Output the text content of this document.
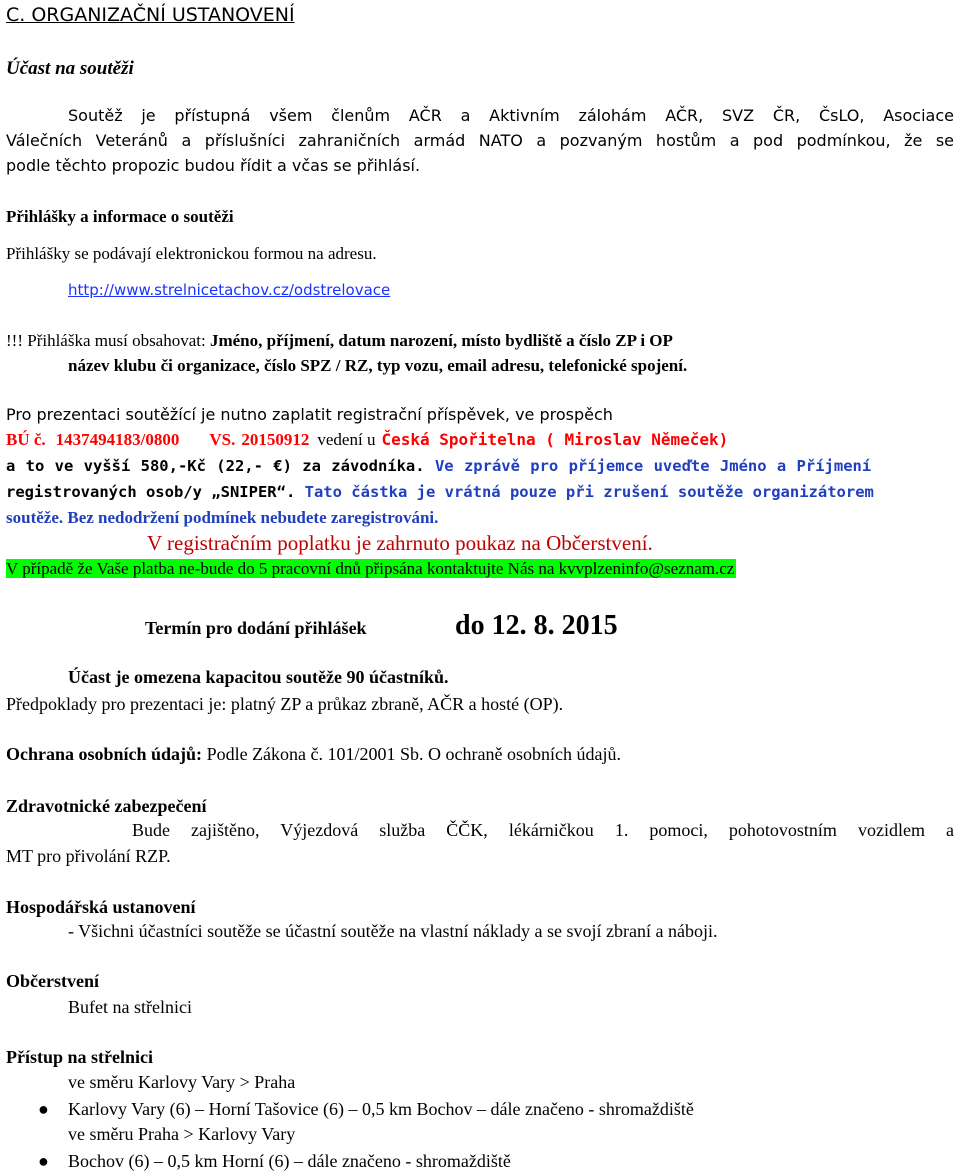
C. ORGANIZAČNÍ USTANOVENÍ
Účast na soutěži
Soutěž je přístupná všem členům AČR a Aktivním zálohám AČR, SVZ ČR, ČsLO, Asociace
Válečních Veteránů a příslušníci zahraničních armád NATO a pozvaným hostům a pod podmínkou, že se
podle těchto propozic budou řídit a včas se přihlásí.
Přihlášky a informace o soutěži
Přihlášky se podávají elektronickou formou na adresu.
http://www.strelnicetachov.cz/odstrelovace
!!! Přihláška musí obsahovat: Jméno, příjmení, datum narození, místo bydliště a číslo ZP i OP
název klubu či organizace, číslo SPZ / RZ, typ vozu, email adresu, telefonické spojení.
Pro prezentaci soutěžící je nutno zaplatit registrační příspěvek, ve prospěch
BÚ č. 1437494183/0800 VS. 20150912 vedení u Česká Spořitelna ( Miroslav Němeček)
a to ve vyšší 580,-Kč (22,- €) za závodníka. Ve zprávě pro příjemce uveďte Jméno a Příjmení
registrovaných osob/y „SNIPER“. Tato částka je vrátná pouze při zrušení soutěže organizátorem
soutěže. Bez nedodržení podmínek nebudete zaregistrováni.
V registračním poplatku je zahrnuto poukaz na Občerstvení.
V případě že Vaše platba ne-bude do 5 pracovní dnů připsána kontaktujte Nás na kvvplzeninfo@seznam.cz
Termín pro dodání přihlášek	do 12. 8. 2015
Účast je omezena kapacitou soutěže 90 účastníků.
Předpoklady pro prezentaci je: platný ZP a průkaz zbraně, AČR a hosté (OP).
Ochrana osobních údajů: Podle Zákona č. 101/2001 Sb. O ochraně osobních údajů.
Zdravotnické zabezpečení
Bude zajištěno, Výjezdová služba ČČK, lékárničkou 1. pomoci, pohotovostním vozidlem a
MT pro přivolání RZP.
Hospodářská ustanovení
- Všichni účastníci soutěže se účastní soutěže na vlastní náklady a se svojí zbraní a náboji.
Občerstvení
Bufet na střelnici
Přístup na střelnici
ve směru Karlovy Vary > Praha
● Karlovy Vary (6) – Horní Tašovice (6) – 0,5 km Bochov – dále značeno - shromaždiště
ve směru Praha > Karlovy Vary
● Bochov (6) – 0,5 km Horní (6) – dále značeno - shromaždiště
